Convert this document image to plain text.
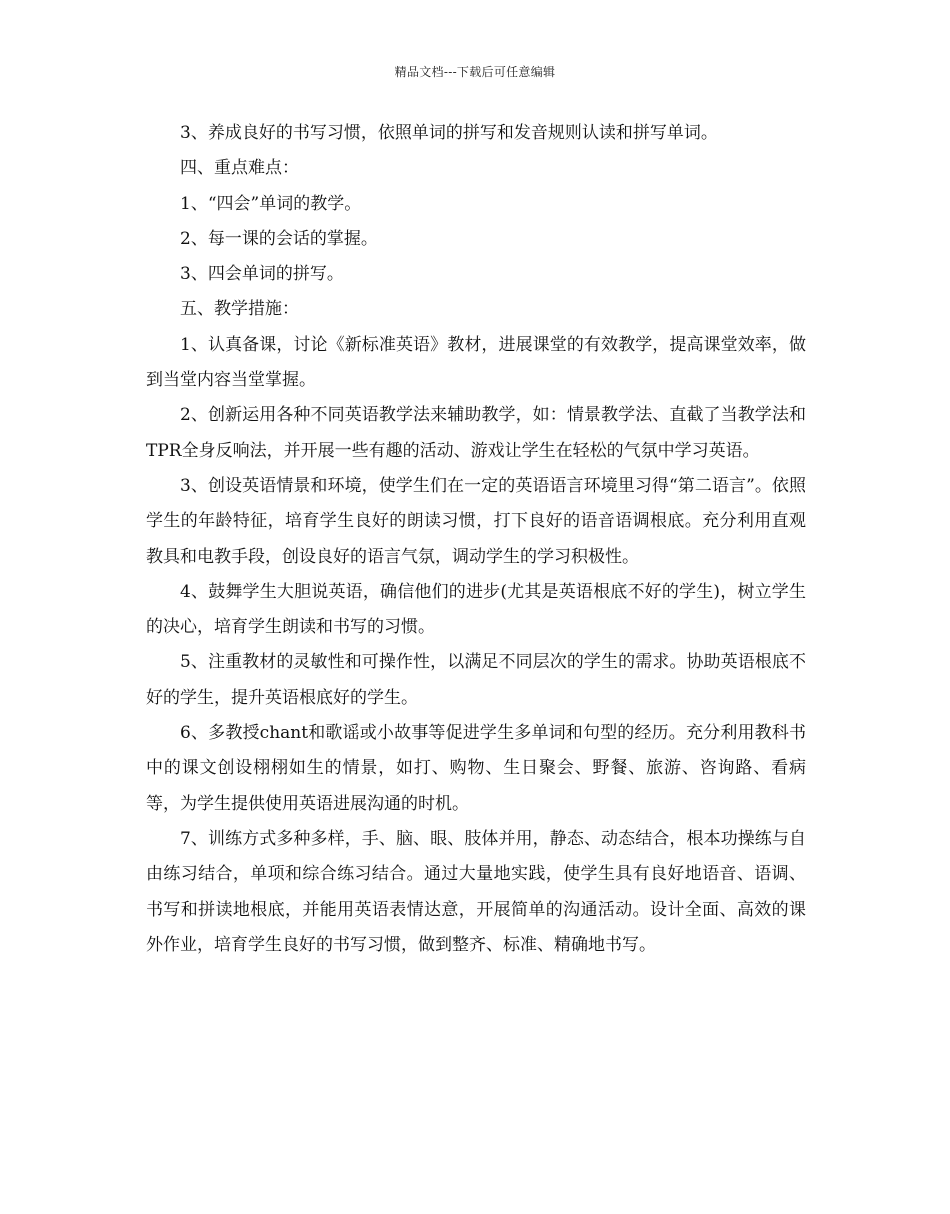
精品文档---下载后可任意编辑

3、养成良好的书写习惯，依照单词的拼写和发音规则认读和拼写单词。

四、重点难点：

1、“四会”单词的教学。

2、每一课的会话的掌握。

3、四会单词的拼写。

五、教学措施：

1、认真备课，讨论《新标准英语》教材，进展课堂的有效教学，提高课堂效率，做到当堂内容当堂掌握。

2、创新运用各种不同英语教学法来辅助教学，如：情景教学法、直截了当教学法和TPR全身反响法，并开展一些有趣的活动、游戏让学生在轻松的气氛中学习英语。

3、创设英语情景和环境，使学生们在一定的英语语言环境里习得“第二语言”。依照学生的年龄特征，培育学生良好的朗读习惯，打下良好的语音语调根底。充分利用直观教具和电教手段，创设良好的语言气氛，调动学生的学习积极性。

4、鼓舞学生大胆说英语，确信他们的进步(尤其是英语根底不好的学生)，树立学生的决心，培育学生朗读和书写的习惯。

5、注重教材的灵敏性和可操作性，以满足不同层次的学生的需求。协助英语根底不好的学生，提升英语根底好的学生。

6、多教授chant和歌谣或小故事等促进学生多单词和句型的经历。充分利用教科书中的课文创设栩栩如生的情景，如打、购物、生日聚会、野餐、旅游、咨询路、看病等，为学生提供使用英语进展沟通的时机。

7、训练方式多种多样，手、脑、眼、肢体并用，静态、动态结合，根本功操练与自由练习结合，单项和综合练习结合。通过大量地实践，使学生具有良好地语音、语调、书写和拼读地根底，并能用英语表情达意，开展简单的沟通活动。设计全面、高效的课外作业，培育学生良好的书写习惯，做到整齐、标准、精确地书写。
